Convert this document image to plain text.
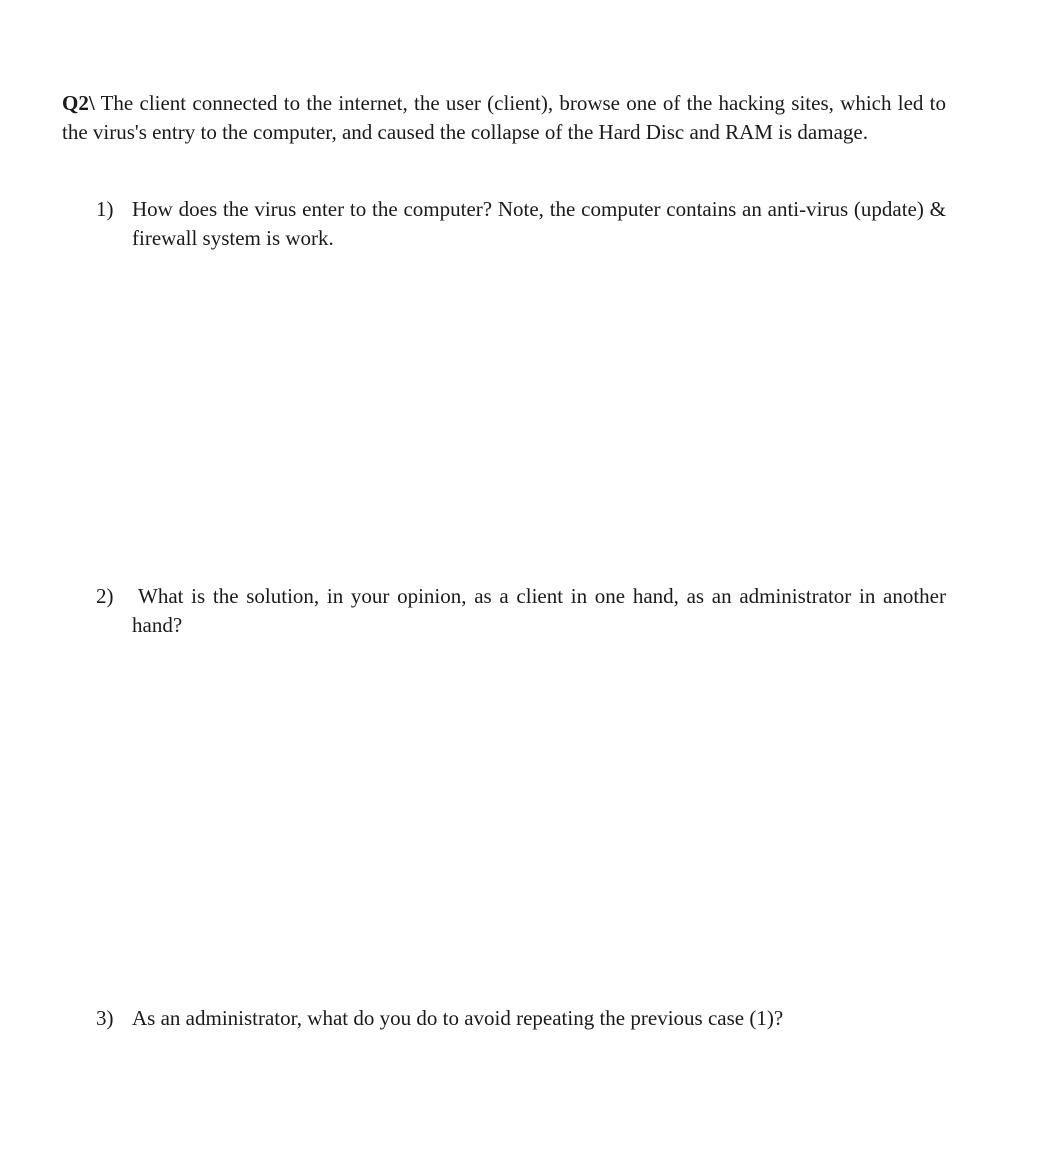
Q2\ The client connected to the internet, the user (client), browse one of the hacking sites, which led to the virus's entry to the computer, and caused the collapse of the Hard Disc and RAM is damage.
1) How does the virus enter to the computer? Note, the computer contains an anti-virus (update) & firewall system is work.
2)	What is the solution, in your opinion, as a client in one hand, as an administrator in another hand?
3) As an administrator, what do you do to avoid repeating the previous case (1)?
